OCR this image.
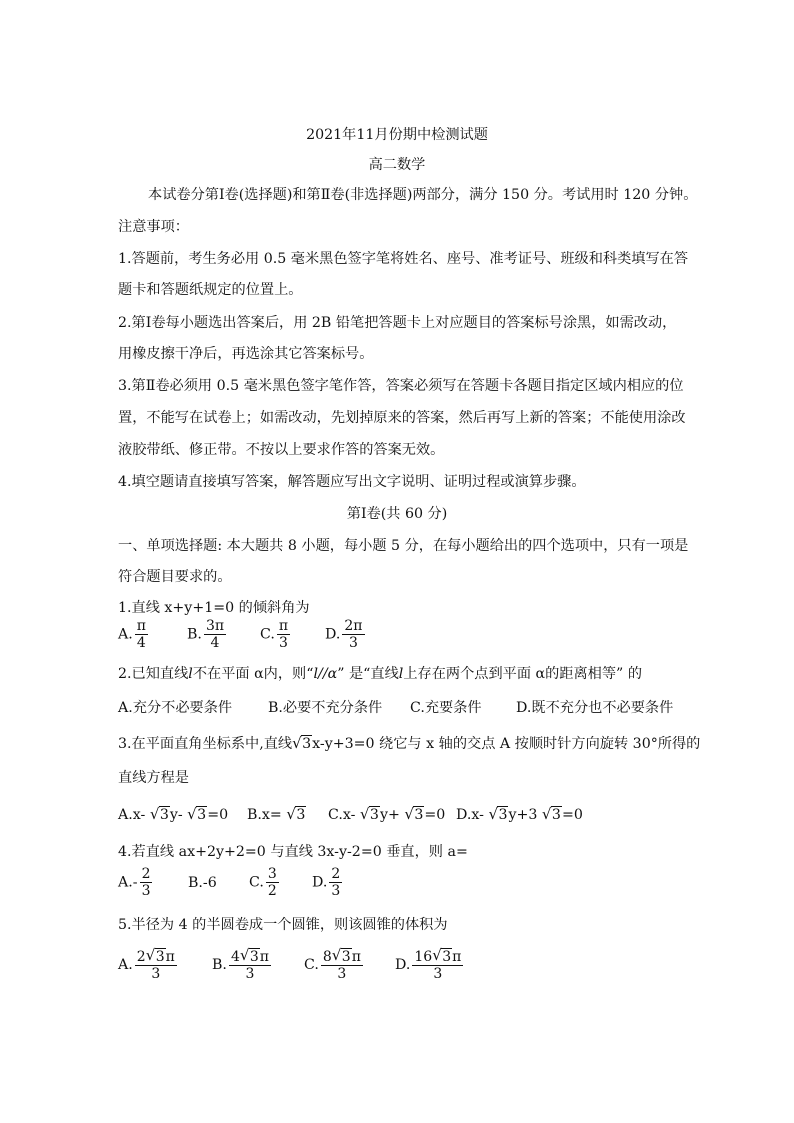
2021年11月份期中检测试题
高二数学
本试卷分第Ⅰ卷(选择题)和第Ⅱ卷(非选择题)两部分，满分 150 分。考试用时 120 分钟。
注意事项：
1.答题前，考生务必用 0.5 毫米黑色签字笔将姓名、座号、准考证号、班级和科类填写在答
题卡和答题纸规定的位置上。
2.第Ⅰ卷每小题选出答案后，用 2B 铅笔把答题卡上对应题目的答案标号涂黑，如需改动，
用橡皮擦干净后，再选涂其它答案标号。
3.第Ⅱ卷必须用 0.5 毫米黑色签字笔作答，答案必须写在答题卡各题目指定区域内相应的位
置，不能写在试卷上；如需改动，先划掉原来的答案，然后再写上新的答案；不能使用涂改
液胶带纸、修正带。不按以上要求作答的答案无效。
4.填空题请直接填写答案，解答题应写出文字说明、证明过程或演算步骤。
第Ⅰ卷(共 60 分)
一、单项选择题: 本大题共 8 小题，每小题 5 分，在每小题给出的四个选项中，只有一项是
符合题目要求的。
1.直线 x+y+1=0 的倾斜角为
A. $\frac{\pi}{4}$	B. $\frac{3\pi}{4} C$. $\frac{\pi}{3} D$. $\frac{2\pi}{3}$
2.已知直线l不在平面 α内，则“l//α” 是“直线l上存在两个点到平面 α的距离相等” 的
A.充分不必要条件	B.必要不充分条件 C.充要条件 D.既不充分也不必要条件
3.在平面直角坐标系中,直线 √ 3x-y+3=0 绕它与 x 轴的交点 A 按顺时针方向旋转 30°所得的
直线方程是
A.x- √ 3y- √ 3=0 B.x= √ 3 C.x- √ 3y+ √ 3=0 D.x- √ 3y+3 √ 3=0
4.若直线 ax+2y+2=0 与直线 3x-y-2=0 垂直，则 a=
$A.- \frac{2}{3}$	B.-6 C. $\frac{3}{2} D$. $\frac{2}{3}$
5.半径为 4 的半圆卷成一个圆锥，则该圆锥的体积为
A. $\frac{2 √ 3\pi}{3} B$. $\frac{4 √ 3\pi}{3} C$. $\frac{8 √ 3\pi}{3} D$. $\frac{16 √ 3\pi}{3}$
